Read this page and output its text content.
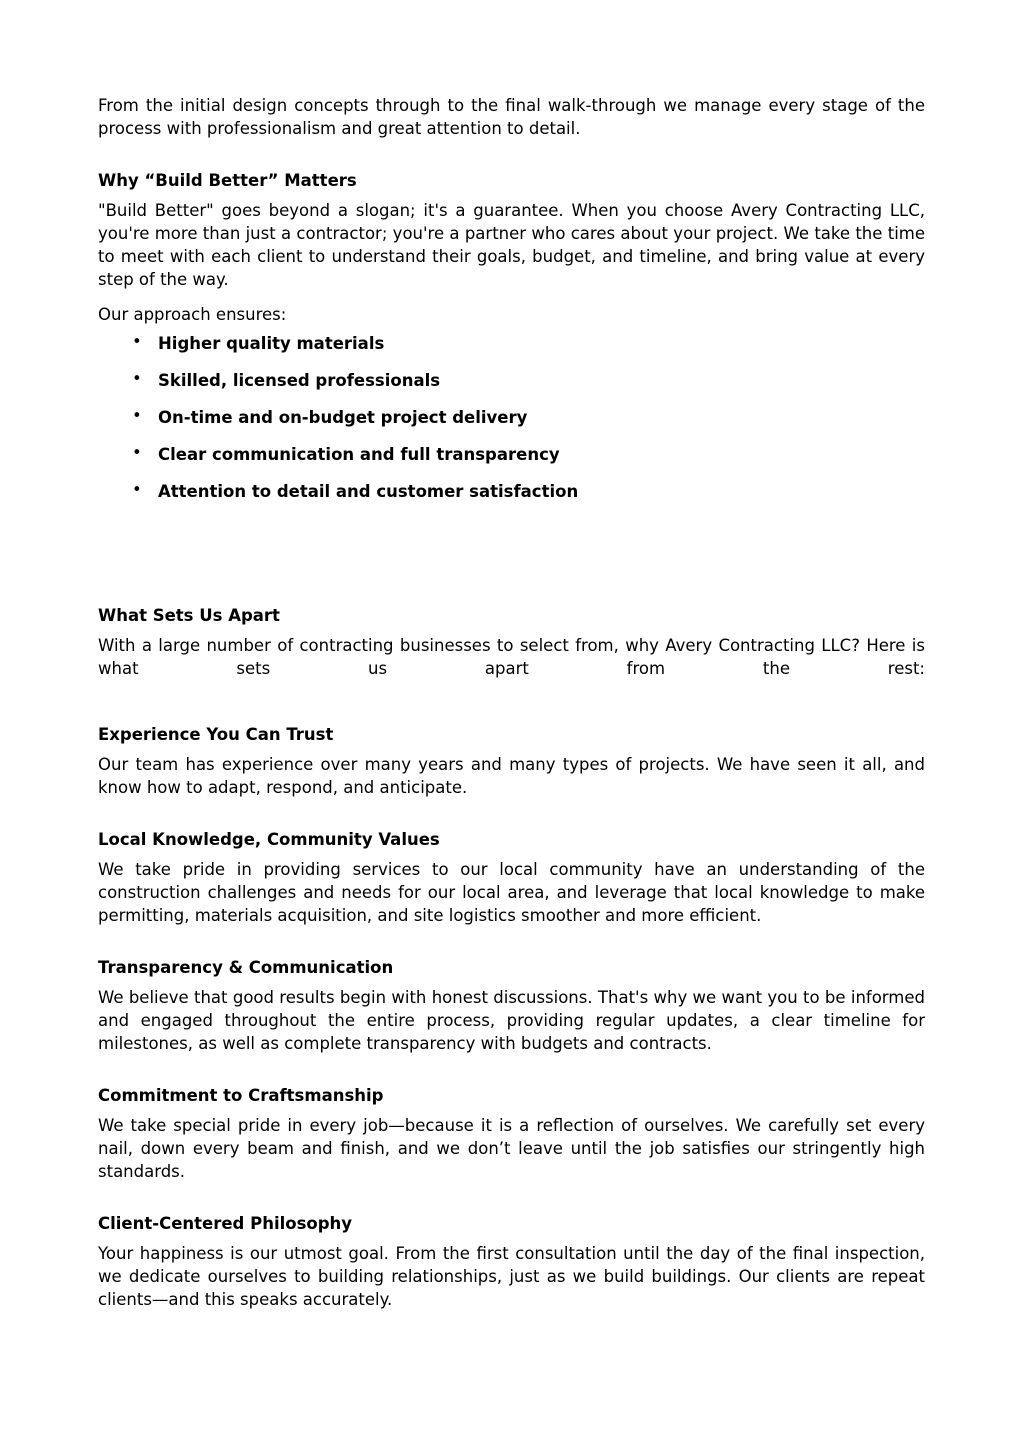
From the initial design concepts through to the final walk-through we manage every stage of the process with professionalism and great attention to detail.

Why “Build Better” Matters

"Build Better" goes beyond a slogan; it's a guarantee. When you choose Avery Contracting LLC, you're more than just a contractor; you're a partner who cares about your project. We take the time to meet with each client to understand their goals, budget, and timeline, and bring value at every step of the way.

Our approach ensures:

• Higher quality materials
• Skilled, licensed professionals
• On-time and on-budget project delivery
• Clear communication and full transparency
• Attention to detail and customer satisfaction
What Sets Us Apart

With a large number of contracting businesses to select from, why Avery Contracting LLC? Here is what sets us apart from the rest:

Experience You Can Trust

Our team has experience over many years and many types of projects. We have seen it all, and know how to adapt, respond, and anticipate.

Local Knowledge, Community Values

We take pride in providing services to our local community have an understanding of the construction challenges and needs for our local area, and leverage that local knowledge to make permitting, materials acquisition, and site logistics smoother and more efficient.

Transparency & Communication

We believe that good results begin with honest discussions. That's why we want you to be informed and engaged throughout the entire process, providing regular updates, a clear timeline for milestones, as well as complete transparency with budgets and contracts.

Commitment to Craftsmanship

We take special pride in every job—because it is a reflection of ourselves. We carefully set every nail, down every beam and finish, and we don’t leave until the job satisfies our stringently high standards.

Client-Centered Philosophy

Your happiness is our utmost goal. From the first consultation until the day of the final inspection, we dedicate ourselves to building relationships, just as we build buildings. Our clients are repeat clients—and this speaks accurately.
